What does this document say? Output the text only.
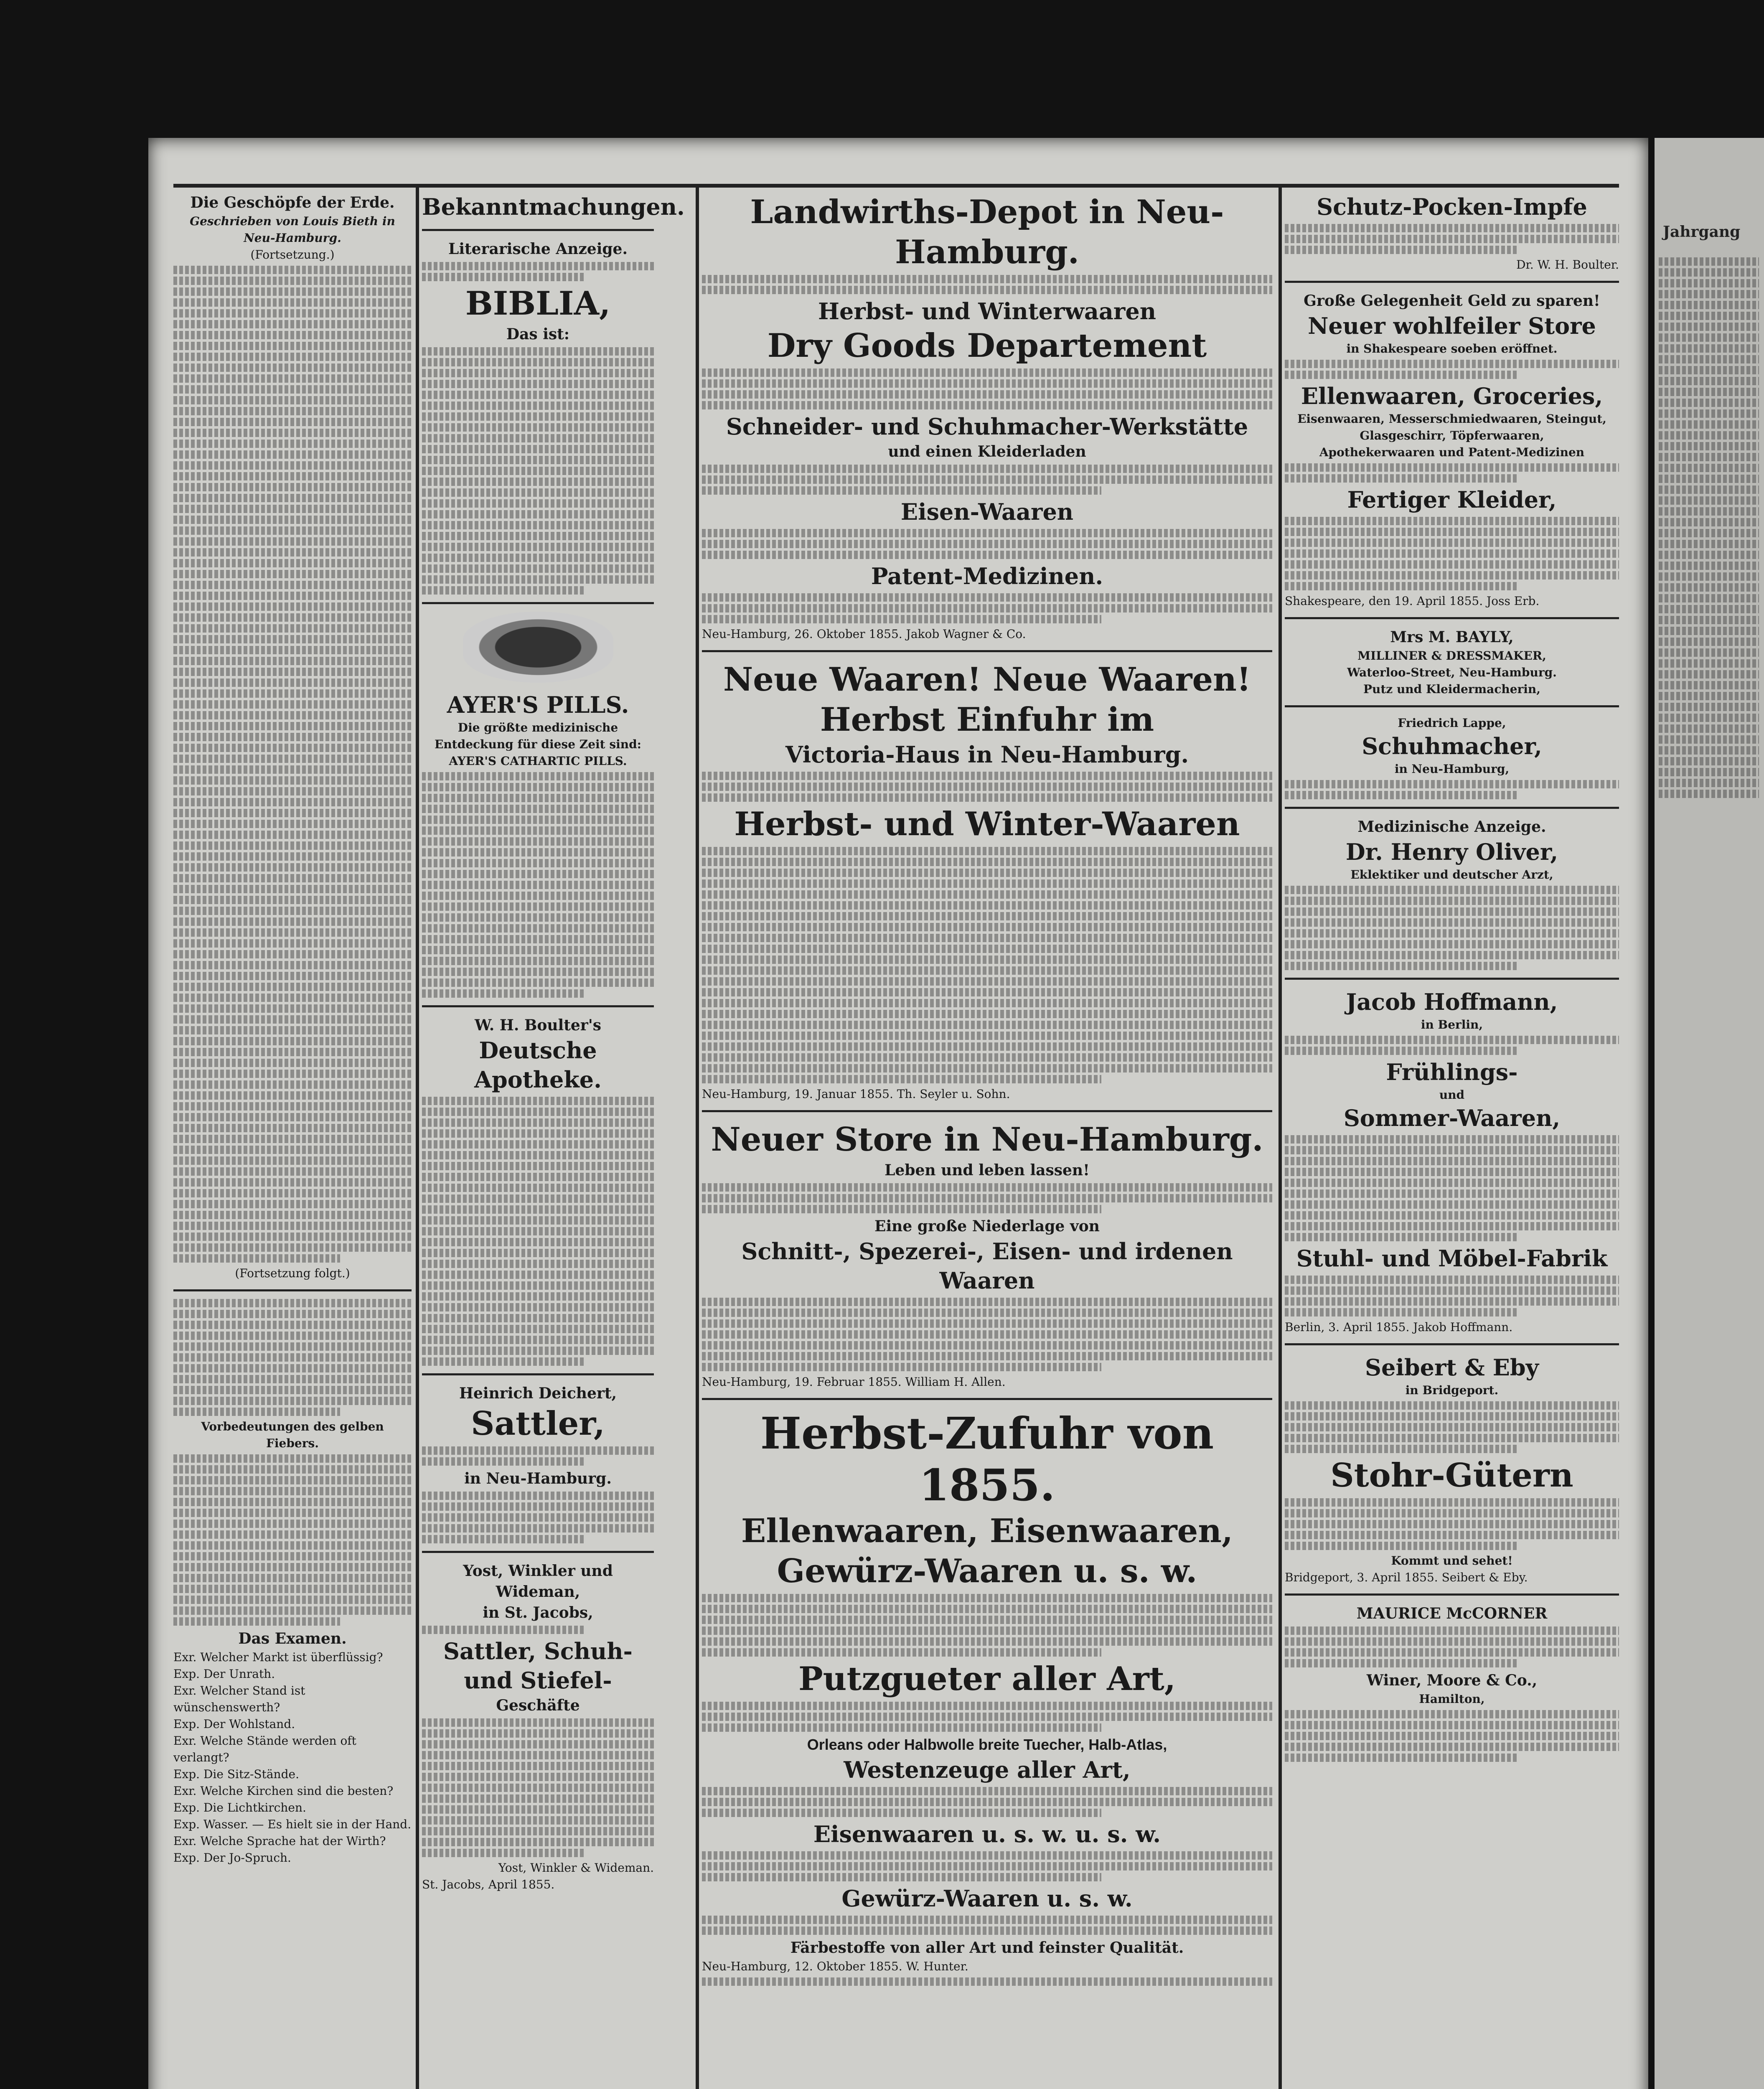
Die Geschöpfe der Erde.
Geschrieben von Louis Bieth in Neu-Hamburg.
(Fortsetzung.)
(Fortsetzung folgt.)
Vorbedeutungen des gelben Fiebers.
Das Examen.
Exr. Welcher Markt ist überflüssig?
Exp. Der Unrath.
Exr. Welcher Stand ist wünschenswerth?
Exp. Der Wohlstand.
Exr. Welche Stände werden oft verlangt?
Exp. Die Sitz-Stände.
Exr. Welche Kirchen sind die besten?
Exp. Die Lichtkirchen.
Exp. Wasser. — Es hielt sie in der Hand.
Exr. Welche Sprache hat der Wirth?
Exp. Der Jo-Spruch.
Bekanntmachungen.
Literarische Anzeige.
BIBLIA,
Das ist:
AYER'S PILLS.
Die größte medizinische Entdeckung für diese Zeit sind:
AYER'S CATHARTIC PILLS.
W. H. Boulter's
Deutsche Apotheke.
Heinrich Deichert,
Sattler,
in Neu-Hamburg.
Yost, Winkler und Wideman,
in St. Jacobs,
Sattler, Schuh- und Stiefel-
Geschäfte
Yost, Winkler & Wideman.
St. Jacobs, April 1855.
Landwirths-Depot in Neu-Hamburg.
Herbst- und Winterwaaren
Dry Goods Departement
Schneider- und Schuhmacher-Werkstätte
und einen Kleiderladen
Eisen-Waaren
Patent-Medizinen.
Neu-Hamburg, 26. Oktober 1855. Jakob Wagner & Co.
Neue Waaren! Neue Waaren!
Herbst Einfuhr im
Victoria-Haus in Neu-Hamburg.
Herbst- und Winter-Waaren
Neu-Hamburg, 19. Januar 1855. Th. Seyler u. Sohn.
Neuer Store in Neu-Hamburg.
Leben und leben lassen!
Eine große Niederlage von
Schnitt-, Spezerei-, Eisen- und irdenen Waaren
Neu-Hamburg, 19. Februar 1855. William H. Allen.
Herbst-Zufuhr von 1855.
Ellenwaaren, Eisenwaaren,
Gewürz-Waaren u. s. w.
Putzgueter aller Art,
Orleans oder Halbwolle breite Tuecher, Halb-Atlas,
Westenzeuge aller Art,
Eisenwaaren u. s. w. u. s. w.
Gewürz-Waaren u. s. w.
Färbestoffe von aller Art und feinster Qualität.
Neu-Hamburg, 12. Oktober 1855. W. Hunter.
Schutz-Pocken-Impfe
Dr. W. H. Boulter.
Große Gelegenheit Geld zu sparen!
Neuer wohlfeiler Store
in Shakespeare soeben eröffnet.
Ellenwaaren, Groceries,
Eisenwaaren, Messerschmiedwaaren, Steingut, Glasgeschirr, Töpferwaaren,
Apothekerwaaren und Patent-Medizinen
Fertiger Kleider,
Shakespeare, den 19. April 1855. Joss Erb.
Mrs M. BAYLY,
MILLINER & DRESSMAKER,
Waterloo-Street, Neu-Hamburg.
Putz und Kleidermacherin,
Friedrich Lappe,
Schuhmacher,
in Neu-Hamburg,
Medizinische Anzeige.
Dr. Henry Oliver,
Eklektiker und deutscher Arzt,
Jacob Hoffmann,
in Berlin,
Frühlings-
und
Sommer-Waaren,
Stuhl- und Möbel-Fabrik
Berlin, 3. April 1855. Jakob Hoffmann.
Seibert & Eby
in Bridgeport.
Stohr-Gütern
Kommt und sehet!
Bridgeport, 3. April 1855. Seibert & Eby.
MAURICE McCORNER
Winer, Moore & Co.,
Hamilton,
Jahrgang
